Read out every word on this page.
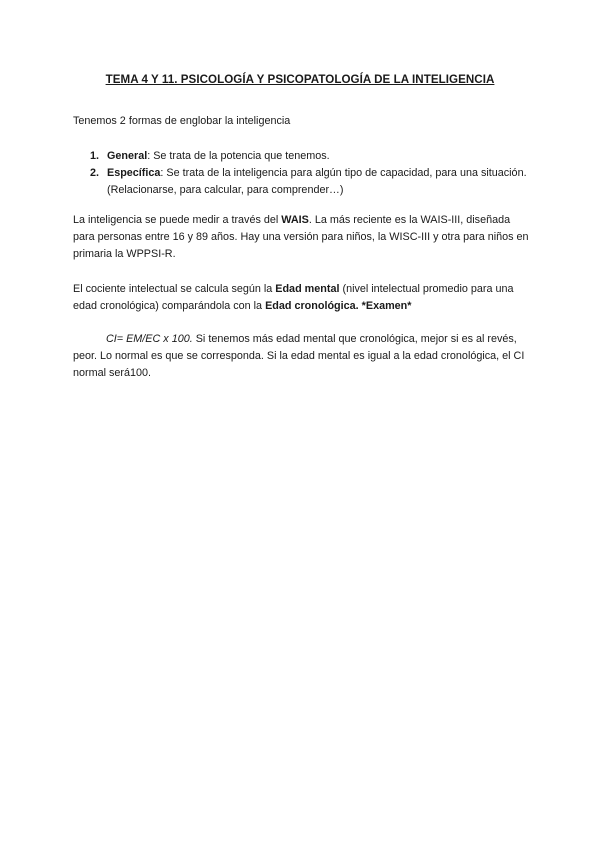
TEMA 4 Y 11. PSICOLOGÍA Y PSICOPATOLOGÍA DE LA INTELIGENCIA

Tenemos 2 formas de englobar la inteligencia

1. General: Se trata de la potencia que tenemos.
2. Específica: Se trata de la inteligencia para algún tipo de capacidad, para una situación. (Relacionarse, para calcular, para comprender…)

La inteligencia se puede medir a través del WAIS. La más reciente es la WAIS-III, diseñada para personas entre 16 y 89 años. Hay una versión para niños, la WISC-III y otra para niños en primaria la WPPSI-R.

El cociente intelectual se calcula según la Edad mental (nivel intelectual promedio para una edad cronológica) comparándola con la Edad cronológica. *Examen*

CI= EM/EC x 100. Si tenemos más edad mental que cronológica, mejor si es al revés, peor. Lo normal es que se corresponda. Si la edad mental es igual a la edad cronológica, el CI normal será100.
